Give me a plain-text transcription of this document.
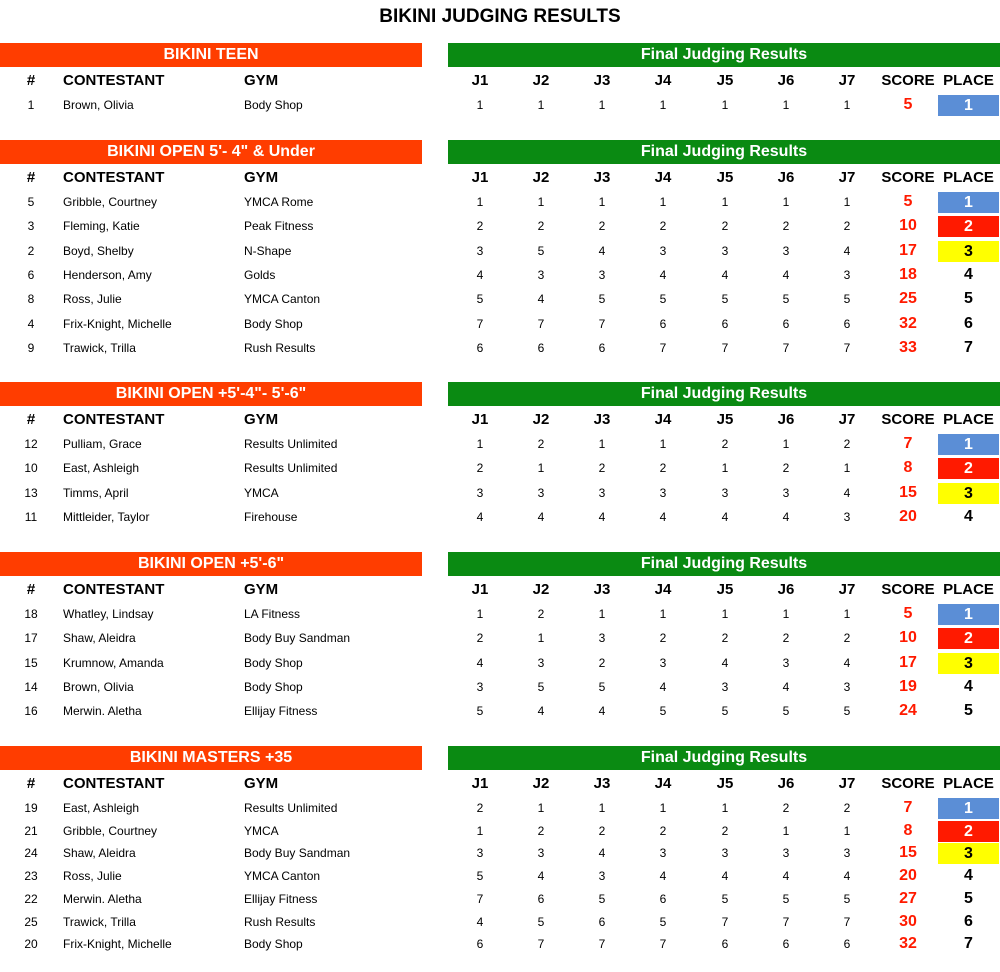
BIKINI JUDGING RESULTS
BIKINI TEEN	Final Judging Results
#	CONTESTANT	GYM	J1	J2	J3	J4	J5	J6	J7	SCORE PLACE
1	Brown, Olivia	Body Shop	1	1	1	1	1	1	1	5	1
BIKINI OPEN 5'- 4" & Under	Final Judging Results
#	CONTESTANT	GYM	J1	J2	J3	J4	J5	J6	J7	SCORE PLACE
5	Gribble, Courtney	YMCA Rome	1	1	1	1	1	1	1	5	1
3	Fleming, Katie	Peak Fitness	2	2	2	2	2	2	2	10	2
2	Boyd, Shelby	N-Shape	3	5	4	3	3	3	4	17	3
6	Henderson, Amy	Golds	4	3	3	4	4	4	3	18	4
8	Ross, Julie	YMCA Canton	5	4	5	5	5	5	5	25	5
4	Frix-Knight, Michelle	Body Shop	7	7	7	6	6	6	6	32	6
9	Trawick, Trilla	Rush Results	6	6	6	7	7	7	7	33	7
BIKINI OPEN +5'-4"- 5'-6"	Final Judging Results
#	CONTESTANT	GYM	J1	J2	J3	J4	J5	J6	J7	SCORE PLACE
12	Pulliam, Grace	Results Unlimited	1	2	1	1	2	1	2	7	1
10	East, Ashleigh	Results Unlimited	2	1	2	2	1	2	1	8	2
13	Timms, April	YMCA	3	3	3	3	3	3	4	15	3
11	Mittleider, Taylor	Firehouse	4	4	4	4	4	4	3	20	4
BIKINI OPEN +5'-6"	Final Judging Results
#	CONTESTANT	GYM	J1	J2	J3	J4	J5	J6	J7	SCORE PLACE
18	Whatley, Lindsay	LA Fitness	1	2	1	1	1	1	1	5	1
17	Shaw, Aleidra	Body Buy Sandman	2	1	3	2	2	2	2	10	2
15	Krumnow, Amanda	Body Shop	4	3	2	3	4	3	4	17	3
14	Brown, Olivia	Body Shop	3	5	5	4	3	4	3	19	4
16	Merwin. Aletha	Ellijay Fitness	5	4	4	5	5	5	5	24	5
BIKINI MASTERS +35	Final Judging Results
#	CONTESTANT	GYM	J1	J2	J3	J4	J5	J6	J7	SCORE PLACE
19	East, Ashleigh	Results Unlimited	2	1	1	1	1	2	2	7	1
21	Gribble, Courtney	YMCA	1	2	2	2	2	1	1	8	2
24	Shaw, Aleidra	Body Buy Sandman	3	3	4	3	3	3	3	15	3
23	Ross, Julie	YMCA Canton	5	4	3	4	4	4	4	20	4
22	Merwin. Aletha	Ellijay Fitness	7	6	5	6	5	5	5	27	5
25	Trawick, Trilla	Rush Results	4	5	6	5	7	7	7	30	6
20	Frix-Knight, Michelle	Body Shop	6	7	7	7	6	6	6	32	7
